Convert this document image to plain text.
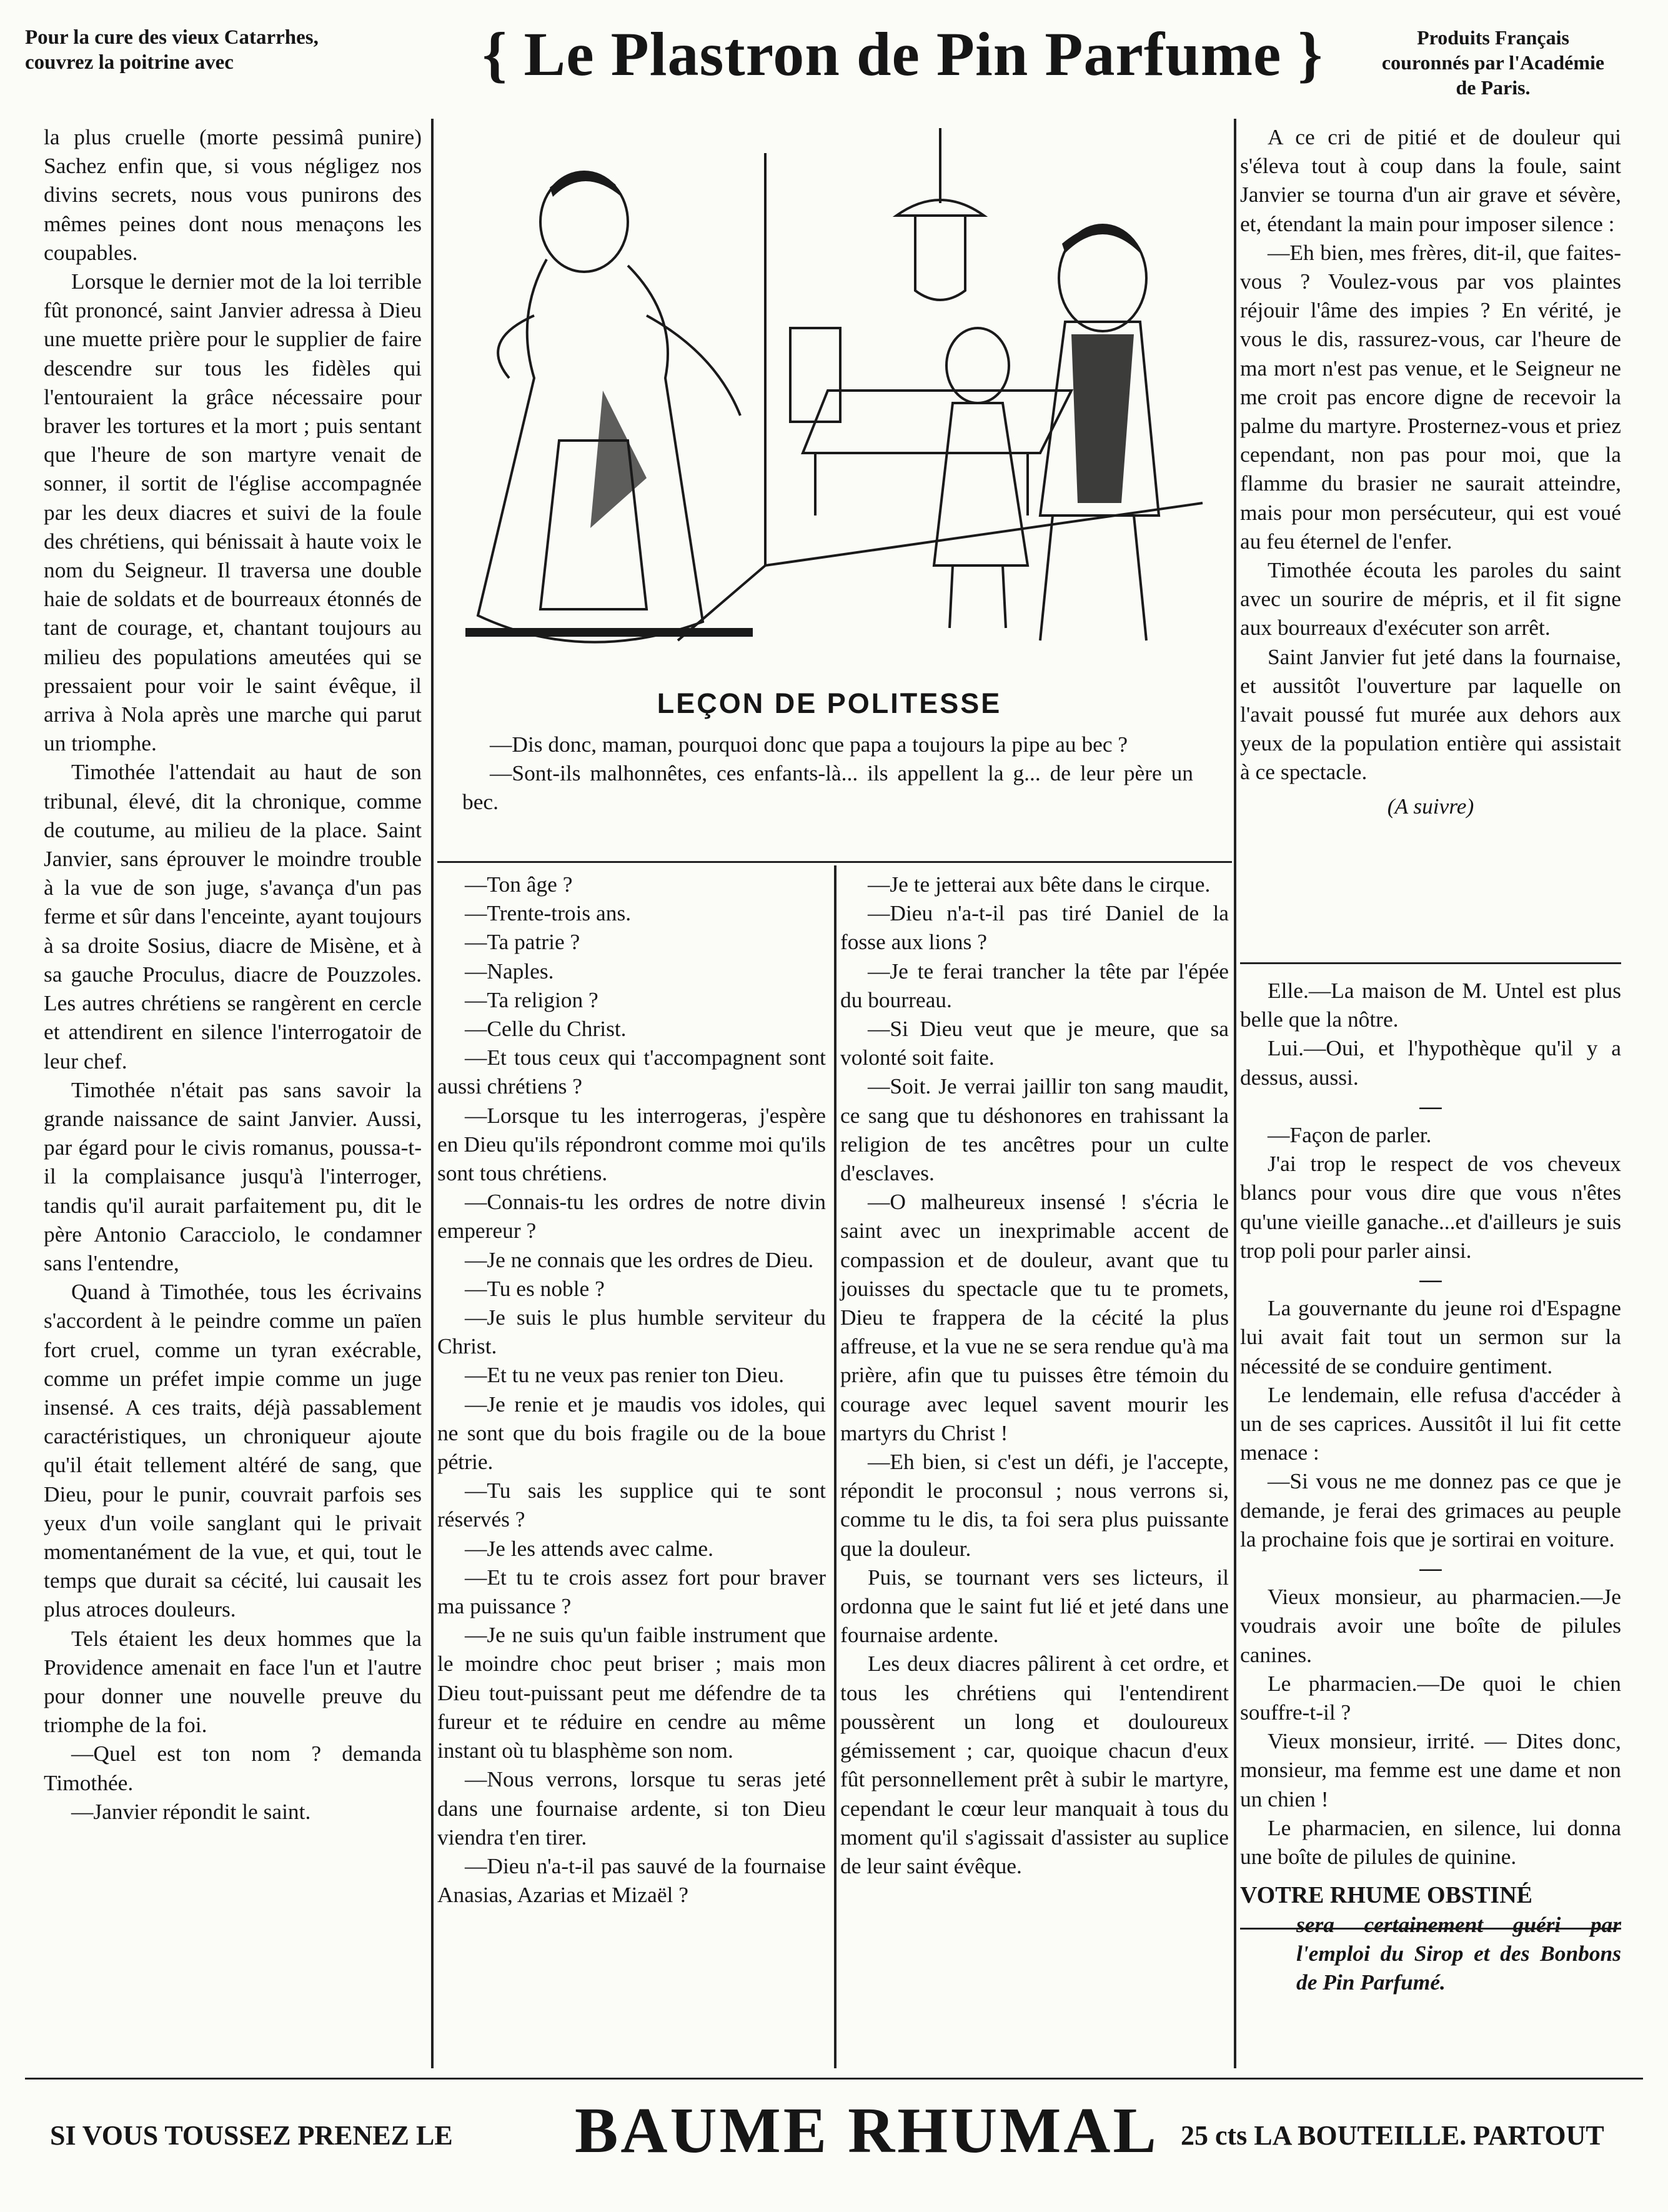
Pour la cure des vieux Catarrhes,
couvrez la poitrine avec	{ Le Plastron de Pin Parfume }	Produits Français
couronnés par l'Académie
de Paris.

la plus cruelle (morte pessimâ punire) Sachez enfin que, si vous négligez nos divins secrets, nous vous punirons des mêmes peines dont nous menaçons les coupables.

Lorsque le dernier mot de la loi terrible fût prononcé, saint Janvier adressa à Dieu une muette prière pour le supplier de faire descendre sur tous les fidèles qui l'entouraient la grâce nécessaire pour braver les tortures et la mort ; puis sentant que l'heure de son martyre venait de sonner, il sortit de l'église accompagnée par les deux diacres et suivi de la foule des chrétiens, qui bénissait à haute voix le nom du Seigneur. Il traversa une double haie de soldats et de bourreaux étonnés de tant de courage, et, chantant toujours au milieu des populations ameutées qui se pressaient pour voir le saint évêque, il arriva à Nola après une marche qui parut un triomphe.

Timothée l'attendait au haut de son tribunal, élevé, dit la chronique, comme de coutume, au milieu de la place. Saint Janvier, sans éprouver le moindre trouble à la vue de son juge, s'avança d'un pas ferme et sûr dans l'enceinte, ayant toujours à sa droite Sosius, diacre de Misène, et à sa gauche Proculus, diacre de Pouzzoles. Les autres chrétiens se rangèrent en cercle et attendirent en silence l'interrogatoir de leur chef.

Timothée n'était pas sans savoir la grande naissance de saint Janvier. Aussi, par égard pour le civis romanus, poussa-t-il la complaisance jusqu'à l'interroger, tandis qu'il aurait parfaitement pu, dit le père Antonio Caracciolo, le condamner sans l'entendre,

Quand à Timothée, tous les écrivains s'accordent à le peindre comme un païen fort cruel, comme un tyran exécrable, comme un préfet impie comme un juge insensé. A ces traits, déjà passablement caractéristiques, un chroniqueur ajoute qu'il était tellement altéré de sang, que Dieu, pour le punir, couvrait parfois ses yeux d'un voile sanglant qui le privait momentanément de la vue, et qui, tout le temps que durait sa cécité, lui causait les plus atroces douleurs.

Tels étaient les deux hommes que la Providence amenait en face l'un et l'autre pour donner une nouvelle preuve du triomphe de la foi.

—Quel est ton nom ? demanda Timothée.

—Janvier répondit le saint.

LEÇON DE POLITESSE

—Dis donc, maman, pourquoi donc que papa a toujours la pipe au bec ?

—Sont-ils malhonnêtes, ces enfants-là... ils appellent la g... de leur père un bec.

—Ton âge ?

—Trente-trois ans.

—Ta patrie ?

—Naples.

—Ta religion ?

—Celle du Christ.

—Et tous ceux qui t'accompagnent sont aussi chrétiens ?

—Lorsque tu les interrogeras, j'espère en Dieu qu'ils répondront comme moi qu'ils sont tous chrétiens.

—Connais-tu les ordres de notre divin empereur ?

—Je ne connais que les ordres de Dieu.

—Tu es noble ?

—Je suis le plus humble serviteur du Christ.

—Et tu ne veux pas renier ton Dieu.

—Je renie et je maudis vos idoles, qui ne sont que du bois fragile ou de la boue pétrie.

—Tu sais les supplice qui te sont réservés ?

—Je les attends avec calme.

—Et tu te crois assez fort pour braver ma puissance ?

—Je ne suis qu'un faible instrument que le moindre choc peut briser ; mais mon Dieu tout-puissant peut me défendre de ta fureur et te réduire en cendre au même instant où tu blasphème son nom.

—Nous verrons, lorsque tu seras jeté dans une fournaise ardente, si ton Dieu viendra t'en tirer.

—Dieu n'a-t-il pas sauvé de la fournaise Anasias, Azarias et Mizaël ?

—Je te jetterai aux bête dans le cirque.

—Dieu n'a-t-il pas tiré Daniel de la fosse aux lions ?

—Je te ferai trancher la tête par l'épée du bourreau.

—Si Dieu veut que je meure, que sa volonté soit faite.

—Soit. Je verrai jaillir ton sang maudit, ce sang que tu déshonores en trahissant la religion de tes ancêtres pour un culte d'esclaves.

—O malheureux insensé ! s'écria le saint avec un inexprimable accent de compassion et de douleur, avant que tu jouisses du spectacle que tu te promets, Dieu te frappera de la cécité la plus affreuse, et la vue ne se sera rendue qu'à ma prière, afin que tu puisses être témoin du courage avec lequel savent mourir les martyrs du Christ !

—Eh bien, si c'est un défi, je l'accepte, répondit le proconsul ; nous verrons si, comme tu le dis, ta foi sera plus puissante que la douleur.

Puis, se tournant vers ses licteurs, il ordonna que le saint fut lié et jeté dans une fournaise ardente.

Les deux diacres pâlirent à cet ordre, et tous les chrétiens qui l'entendirent poussèrent un long et douloureux gémissement ; car, quoique chacun d'eux fût personnellement prêt à subir le martyre, cependant le cœur leur manquait à tous du moment qu'il s'agissait d'assister au suplice de leur saint évêque.

A ce cri de pitié et de douleur qui s'éleva tout à coup dans la foule, saint Janvier se tourna d'un air grave et sévère, et, étendant la main pour imposer silence :

—Eh bien, mes frères, dit-il, que faites-vous ? Voulez-vous par vos plaintes réjouir l'âme des impies ? En vérité, je vous le dis, rassurez-vous, car l'heure de ma mort n'est pas venue, et le Seigneur ne me croit pas encore digne de recevoir la palme du martyre. Prosternez-vous et priez cependant, non pas pour moi, que la flamme du brasier ne saurait atteindre, mais pour mon persécuteur, qui est voué au feu éternel de l'enfer.

Timothée écouta les paroles du saint avec un sourire de mépris, et il fit signe aux bourreaux d'exécuter son arrêt.

Saint Janvier fut jeté dans la fournaise, et aussitôt l'ouverture par laquelle on l'avait poussé fut murée aux dehors aux yeux de la population entière qui assistait à ce spectacle.

(A suivre)

Elle.—La maison de M. Untel est plus belle que la nôtre.

Lui.—Oui, et l'hypothèque qu'il y a dessus, aussi.

—

—Façon de parler.

J'ai trop le respect de vos cheveux blancs pour vous dire que vous n'êtes qu'une vieille ganache...et d'ailleurs je suis trop poli pour parler ainsi.

—

La gouvernante du jeune roi d'Espagne lui avait fait tout un sermon sur la nécessité de se conduire gentiment.

Le lendemain, elle refusa d'accéder à un de ses caprices. Aussitôt il lui fit cette menace :

—Si vous ne me donnez pas ce que je demande, je ferai des grimaces au peuple la prochaine fois que je sortirai en voiture.

—

Vieux monsieur, au pharmacien.—Je voudrais avoir une boîte de pilules canines.

Le pharmacien.—De quoi le chien souffre-t-il ?

Vieux monsieur, irrité. — Dites donc, monsieur, ma femme est une dame et non un chien !

Le pharmacien, en silence, lui donna une boîte de pilules de quinine.

VOTRE RHUME OBSTINÉ

sera certainement guéri par l'emploi du Sirop et des Bonbons de Pin Parfumé.

SI VOUS TOUSSEZ PRENEZ LE BAUME RHUMAL 25 cts LA BOUTEILLE. PARTOUT
